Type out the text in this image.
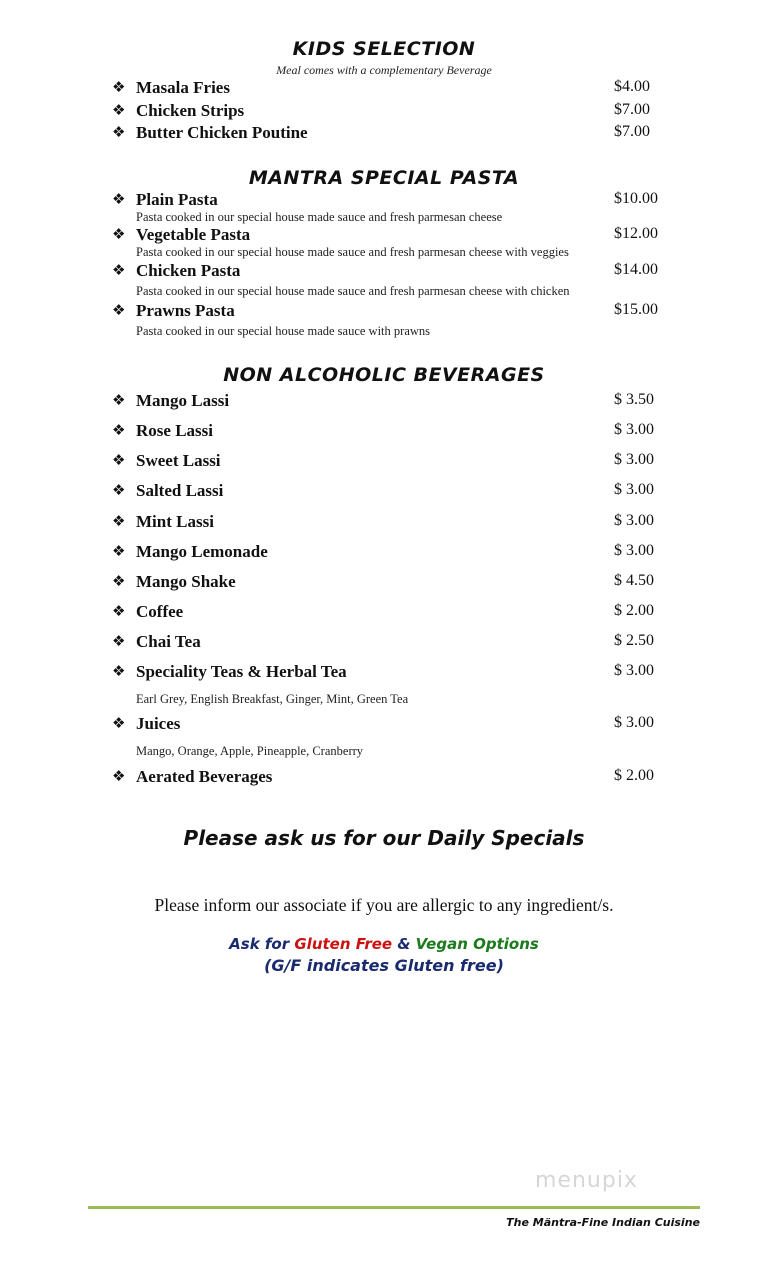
KIDS SELECTION
Meal comes with a complementary Beverage
❖ Masala Fries	$4.00
❖ Chicken Strips	$7.00
❖ Butter Chicken Poutine	$7.00
MANTRA SPECIAL PASTA
❖ Plain Pasta	$10.00
Pasta cooked in our special house made sauce and fresh parmesan cheese
❖ Vegetable Pasta	$12.00
Pasta cooked in our special house made sauce and fresh parmesan cheese with veggies
❖ Chicken Pasta	$14.00
Pasta cooked in our special house made sauce and fresh parmesan cheese with chicken
❖ Prawns Pasta	$15.00
Pasta cooked in our special house made sauce with prawns
NON ALCOHOLIC BEVERAGES
❖ Mango Lassi	$ 3.50
❖ Rose Lassi	$ 3.00
❖ Sweet Lassi	$ 3.00
❖ Salted Lassi	$ 3.00
❖ Mint Lassi	$ 3.00
❖ Mango Lemonade	$ 3.00
❖ Mango Shake	$ 4.50
❖ Coffee	$ 2.00
❖ Chai Tea	$ 2.50
❖ Speciality Teas & Herbal Tea	$ 3.00
Earl Grey, English Breakfast, Ginger, Mint, Green Tea
❖ Juices	$ 3.00
Mango, Orange, Apple, Pineapple, Cranberry
❖ Aerated Beverages	$ 2.00
Please ask us for our Daily Specials
Please inform our associate if you are allergic to any ingredient/s.
Ask for Gluten Free & Vegan Options
(G/F indicates Gluten free)
menupix
The Mäntra-Fine Indian Cuisine
